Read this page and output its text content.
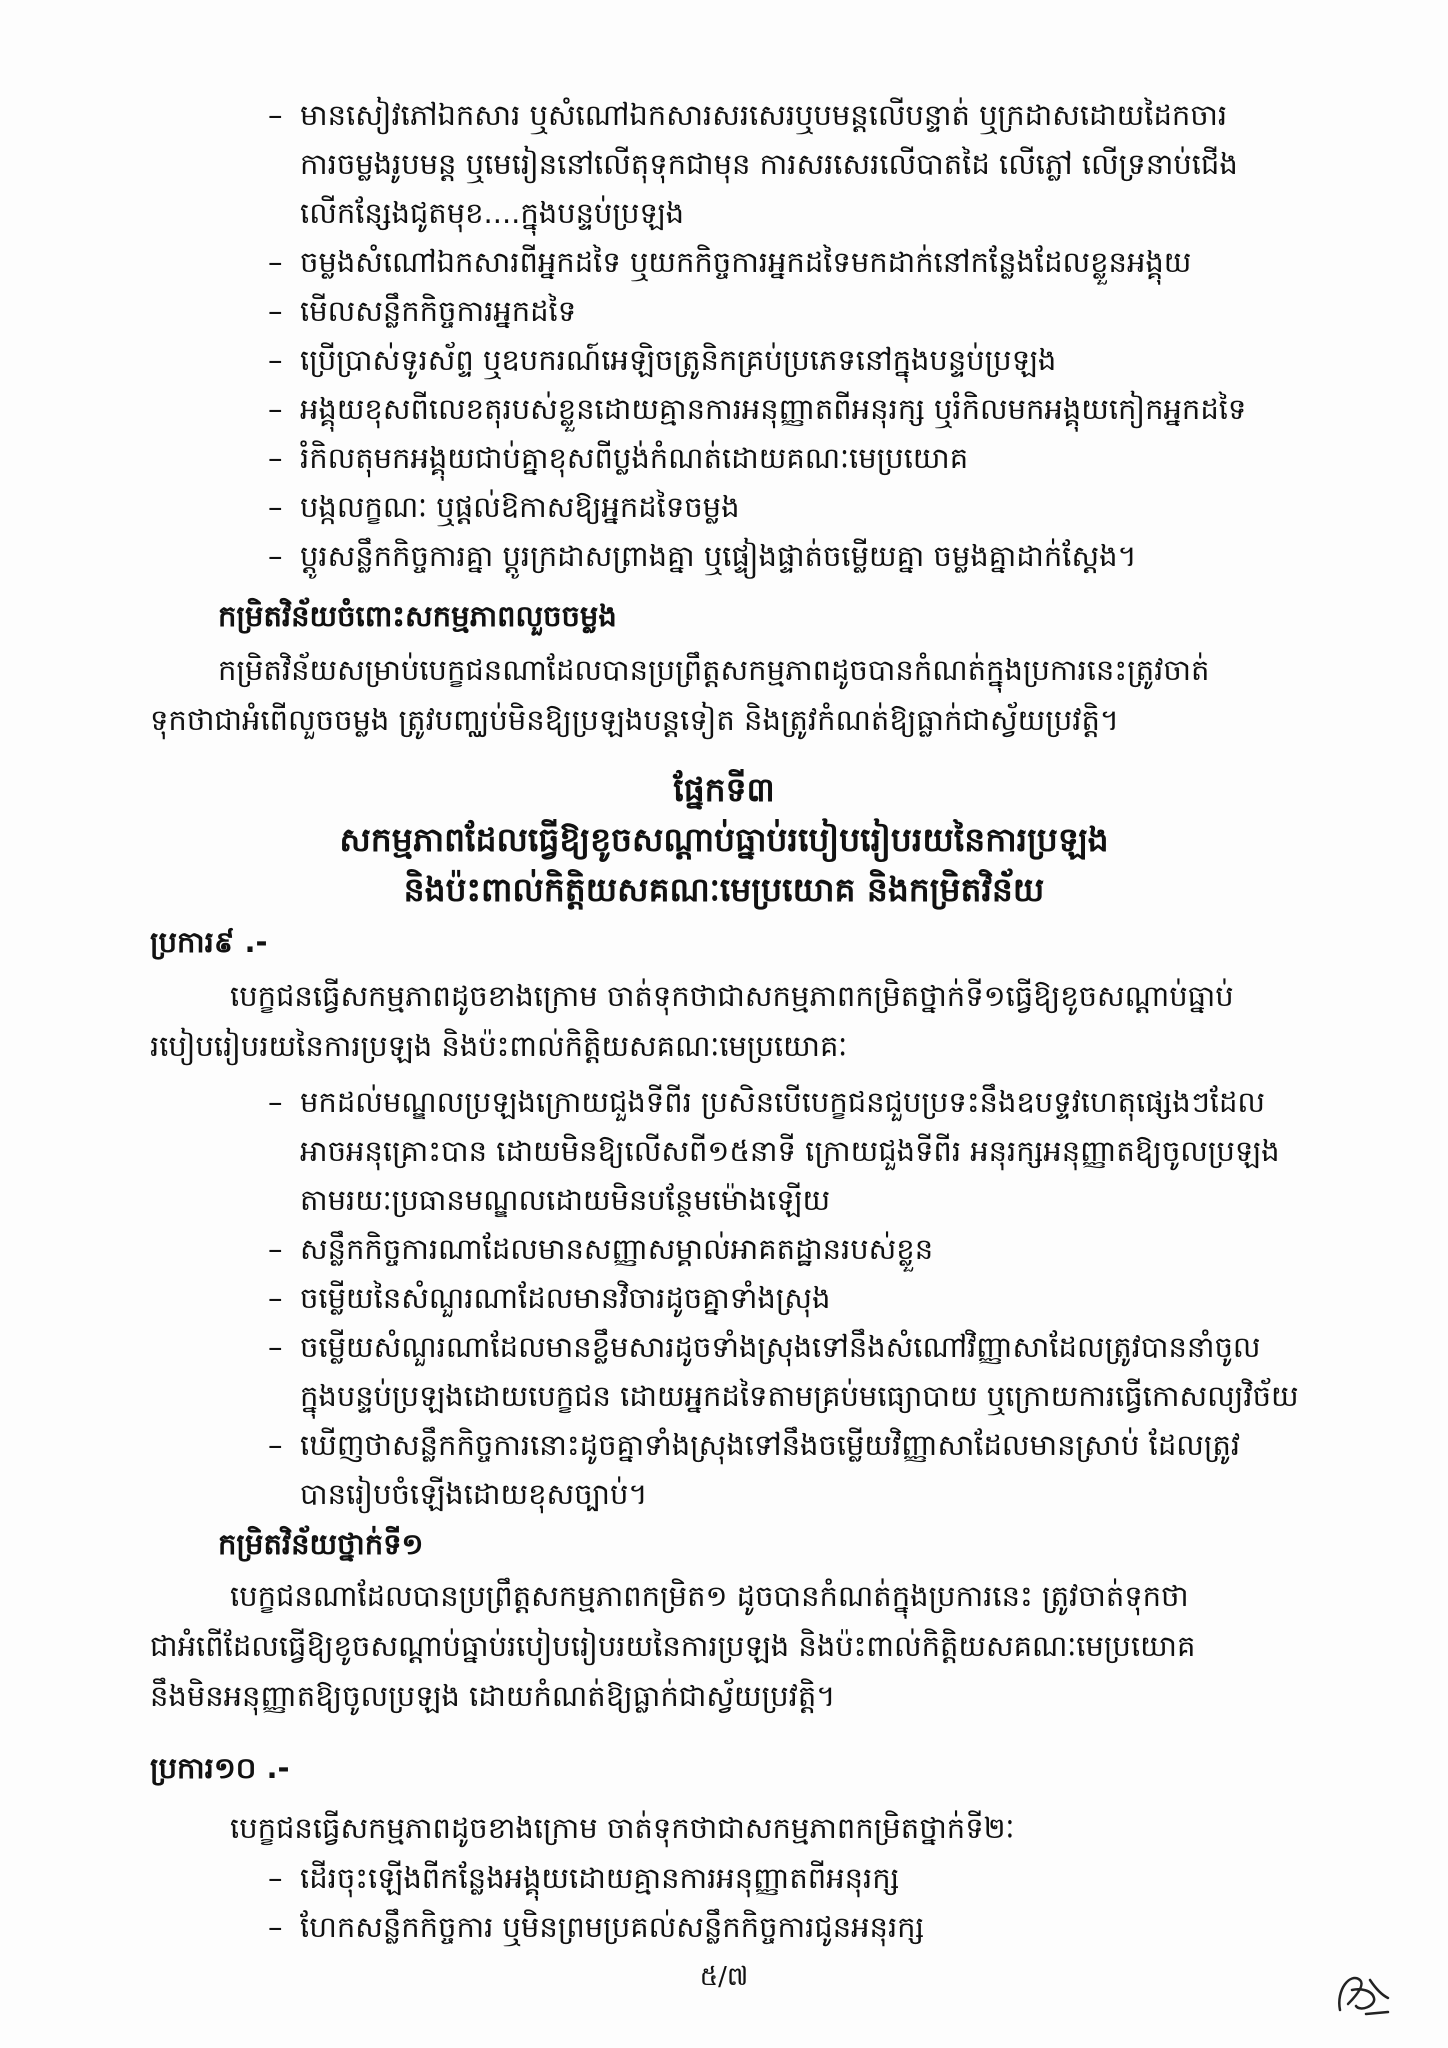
– មានសៀវភៅឯកសារ ឬសំណៅឯកសារសរសេរឬបមន្តលើបន្ទាត់ ឬក្រដាសដោយដៃកចារ
ការចម្លងរូបមន្ត ឬមេរៀននៅលើតុទុកជាមុន ការសរសេរលើបាតដៃ លើភ្លៅ លើទ្រនាប់ជើង
លើកន្សែងជូតមុខ....ក្នុងបន្ទប់ប្រឡង
– ចម្លងសំណៅឯកសារពីអ្នកដទៃ ឬយកកិច្ចការអ្នកដទៃមកដាក់នៅកន្លែងដែលខ្លួនអង្គុយ
– មើលសន្លឹកកិច្ចការអ្នកដទៃ
– ប្រើប្រាស់ទូរស័ព្ទ ឬឧបករណ៍អេឡិចត្រូនិកគ្រប់ប្រភេទនៅក្នុងបន្ទប់ប្រឡង
– អង្គុយខុសពីលេខតុរបស់ខ្លួនដោយគ្មានការអនុញ្ញាតពីអនុរក្ស ឬរំកិលមកអង្គុយកៀកអ្នកដទៃ
– រំកិលតុមកអង្គុយជាប់គ្នាខុសពីប្លង់កំណត់ដោយគណៈមេប្រយោគ
– បង្កលក្ខណៈ ឬផ្តល់ឱកាសឱ្យអ្នកដទៃចម្លង
– ប្តូរសន្លឹកកិច្ចការគ្នា ប្តូរក្រដាសព្រាងគ្នា ឬផ្ទៀងផ្ទាត់ចម្លើយគ្នា ចម្លងគ្នាដាក់ស្តែង។
កម្រិតវិន័យចំពោះសកម្មភាពលួចចម្លង
កម្រិតវិន័យសម្រាប់បេក្ខជនណាដែលបានប្រព្រឹត្តសកម្មភាពដូចបានកំណត់ក្នុងប្រការនេះត្រូវចាត់
ទុកថាជាអំពើលួចចម្លង ត្រូវបញ្ឈប់មិនឱ្យប្រឡងបន្តទៀត និងត្រូវកំណត់ឱ្យធ្លាក់ជាស្វ័យប្រវត្តិ។
ផ្នែកទី៣
សកម្មភាពដែលធ្វើឱ្យខូចសណ្តាប់ធ្នាប់របៀបរៀបរយនៃការប្រឡង
និងប៉ះពាល់កិត្តិយសគណៈមេប្រយោគ និងកម្រិតវិន័យ
ប្រការ៩ .-
បេក្ខជនធ្វើសកម្មភាពដូចខាងក្រោម ចាត់ទុកថាជាសកម្មភាពកម្រិតថ្នាក់ទី១ធ្វើឱ្យខូចសណ្តាប់ធ្នាប់
របៀបរៀបរយនៃការប្រឡង និងប៉ះពាល់កិត្តិយសគណៈមេប្រយោគៈ
– មកដល់មណ្ឌលប្រឡងក្រោយជួងទីពីរ ប្រសិនបើបេក្ខជនជួបប្រទះនឹងឧបទ្ទវហេតុផ្សេងៗដែល
អាចអនុគ្រោះបាន ដោយមិនឱ្យលើសពី១៥នាទី ក្រោយជួងទីពីរ អនុរក្សអនុញ្ញាតឱ្យចូលប្រឡង
តាមរយៈប្រធានមណ្ឌលដោយមិនបន្ថែមម៉ោងឡើយ
– សន្លឹកកិច្ចការណាដែលមានសញ្ញាសម្គាល់អាគតដ្ឋានរបស់ខ្លួន
– ចម្លើយនៃសំណួរណាដែលមានវិចារដូចគ្នាទាំងស្រុង
– ចម្លើយសំណួរណាដែលមានខ្លឹមសារដូចទាំងស្រុងទៅនឹងសំណៅវិញ្ញាសាដែលត្រូវបាននាំចូល
ក្នុងបន្ទប់ប្រឡងដោយបេក្ខជន ដោយអ្នកដទៃតាមគ្រប់មធ្យោបាយ ឬក្រោយការធ្វើកោសល្យវិច័យ
– ឃើញថាសន្លឹកកិច្ចការនោះដូចគ្នាទាំងស្រុងទៅនឹងចម្លើយវិញ្ញាសាដែលមានស្រាប់ ដែលត្រូវ
បានរៀបចំឡើងដោយខុសច្បាប់។
កម្រិតវិន័យថ្នាក់ទី១
បេក្ខជនណាដែលបានប្រព្រឹត្តសកម្មភាពកម្រិត១ ដូចបានកំណត់ក្នុងប្រការនេះ ត្រូវចាត់ទុកថា
ជាអំពើដែលធ្វើឱ្យខូចសណ្តាប់ធ្នាប់របៀបរៀបរយនៃការប្រឡង និងប៉ះពាល់កិត្តិយសគណៈមេប្រយោគ
នឹងមិនអនុញ្ញាតឱ្យចូលប្រឡង ដោយកំណត់ឱ្យធ្លាក់ជាស្វ័យប្រវត្តិ។
ប្រការ១០ .-
បេក្ខជនធ្វើសកម្មភាពដូចខាងក្រោម ចាត់ទុកថាជាសកម្មភាពកម្រិតថ្នាក់ទី២ៈ
– ដើរចុះឡើងពីកន្លែងអង្គុយដោយគ្មានការអនុញ្ញាតពីអនុរក្ស
– ហែកសន្លឹកកិច្ចការ ឬមិនព្រមប្រគល់សន្លឹកកិច្ចការជូនអនុរក្ស
៥/៧
